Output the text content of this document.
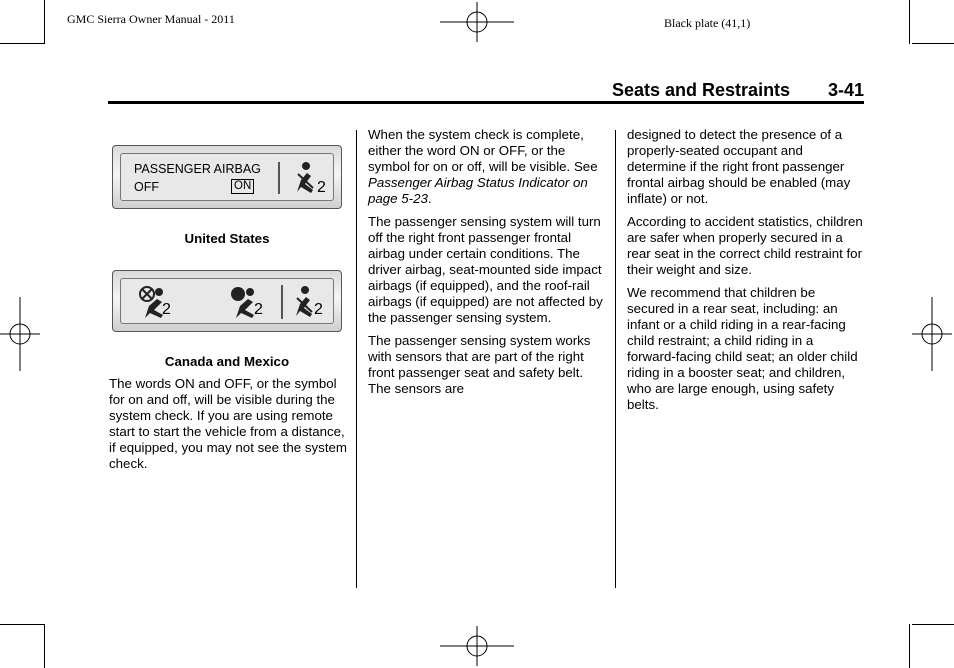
GMC Sierra Owner Manual - 2011	Black plate (41,1)
Seats and Restraints 3-41
PASSENGER AIRBAG
OFF	ON	2
United States
2	2	2
Canada and Mexico

The words ON and OFF, or the symbol for on and off, will be visible during the system check. If you are using remote start to start the vehicle from a distance, if equipped, you may not see the system check.

When the system check is complete, either the word ON or OFF, or the symbol for on or off, will be visible. See Passenger Airbag Status Indicator on page 5-23.

The passenger sensing system will turn off the right front passenger frontal airbag under certain conditions. The driver airbag, seat-mounted side impact airbags (if equipped), and the roof-rail airbags (if equipped) are not affected by the passenger sensing system.

The passenger sensing system works with sensors that are part of the right front passenger seat and safety belt. The sensors are

designed to detect the presence of a properly-seated occupant and determine if the right front passenger frontal airbag should be enabled (may inflate) or not.

According to accident statistics, children are safer when properly secured in a rear seat in the correct child restraint for their weight and size.

We recommend that children be secured in a rear seat, including: an infant or a child riding in a rear-facing child restraint; a child riding in a forward-facing child seat; an older child riding in a booster seat; and children, who are large enough, using safety belts.
